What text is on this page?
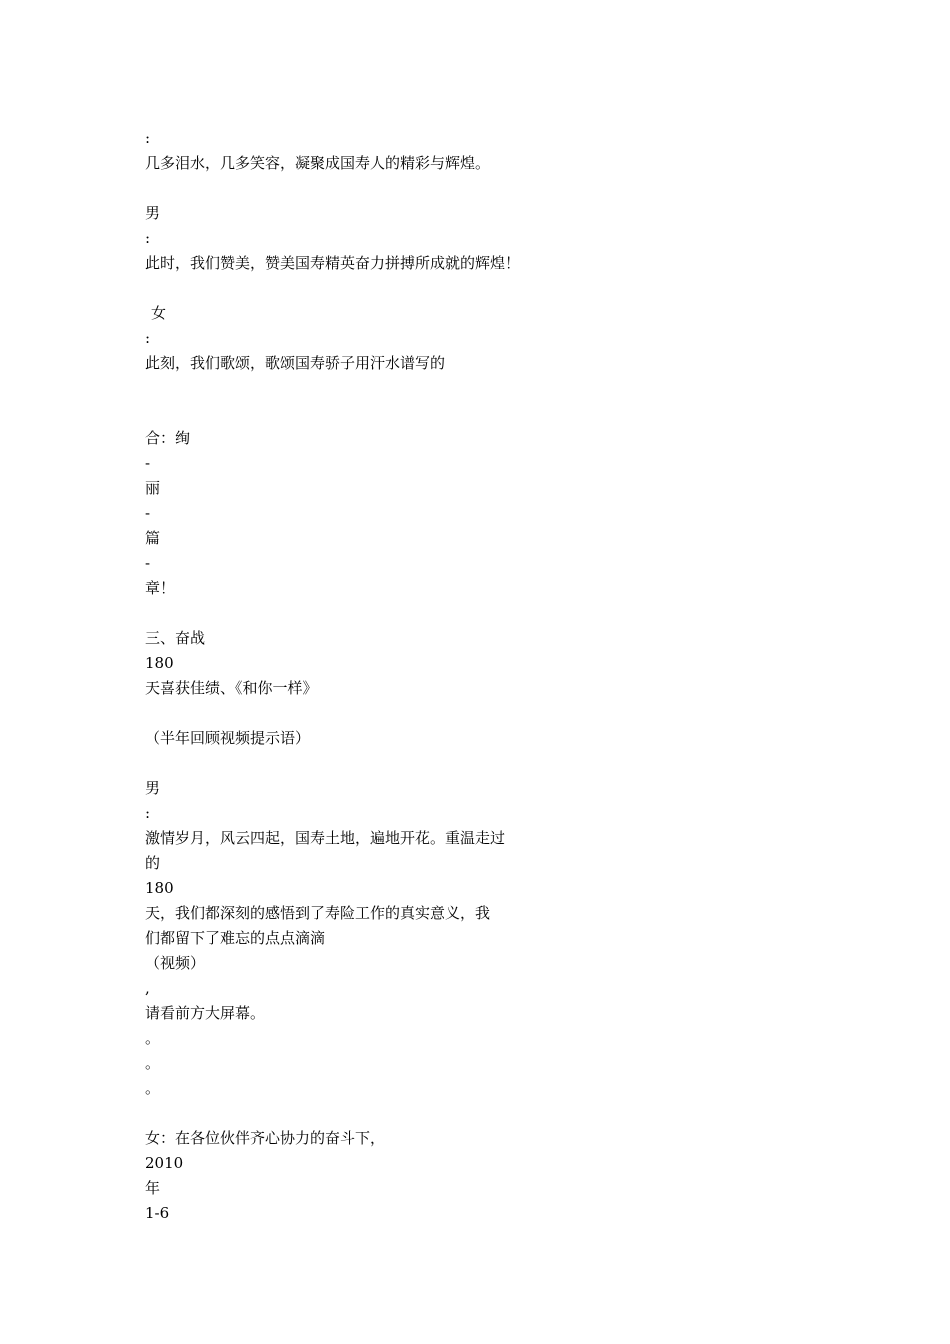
:
几多泪水，几多笑容，凝聚成国寿人的精彩与辉煌。
男
:
此时，我们赞美，赞美国寿精英奋力拼搏所成就的辉煌！
女
:
此刻，我们歌颂，歌颂国寿骄子用汗水谱写的
合：绚
-
丽
-
篇
-
章！
三、奋战
180
天喜获佳绩、《和你一样》
（半年回顾视频提示语）
男
:
激情岁月，风云四起，国寿土地，遍地开花。重温走过
的
180
天，我们都深刻的感悟到了寿险工作的真实意义，我
们都留下了难忘的点点滴滴
（视频）
,
请看前方大屏幕。
。
。
。
女：在各位伙伴齐心协力的奋斗下，
2010
年
1-6
